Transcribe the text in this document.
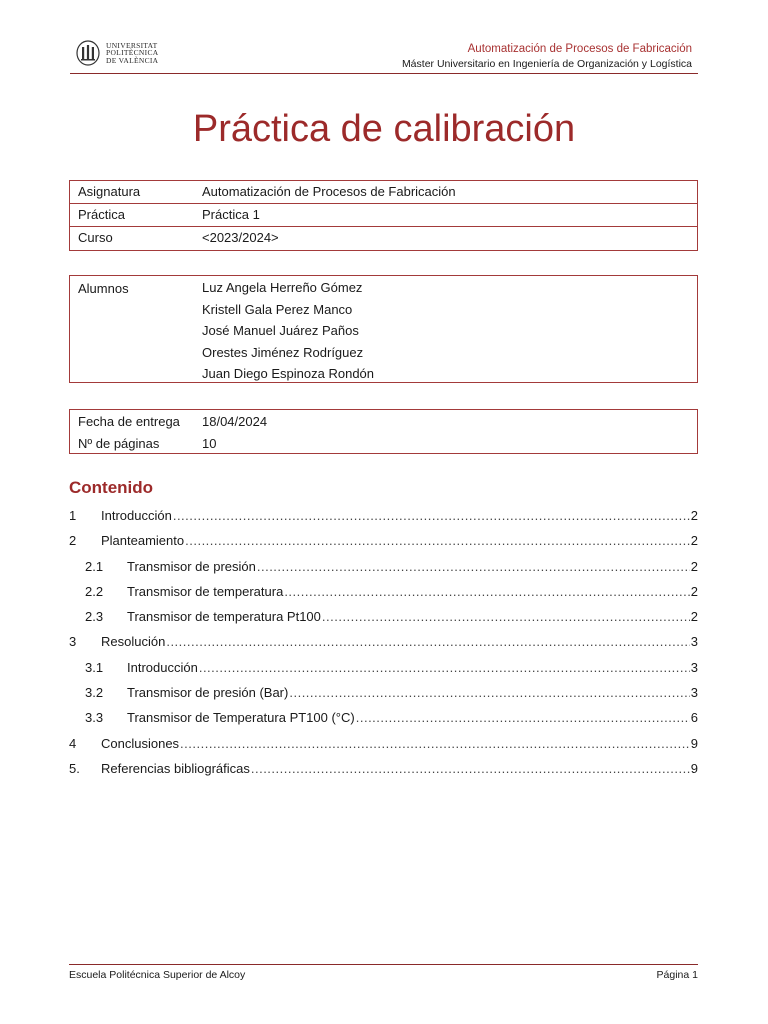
UNIVERSITAT
POLITÈCNICA
DE VALÈNCIA
Automatización de Procesos de Fabricación
Máster Universitario en Ingeniería de Organización y Logística
Práctica de calibración
Asignatura	Automatización de Procesos de Fabricación
Práctica	Práctica 1
Curso	<2023/2024>
Alumnos	Luz Angela Herreño Gómez
Kristell Gala Perez Manco
José Manuel Juárez Paños
Orestes Jiménez Rodríguez
Juan Diego Espinoza Rondón
Fecha de entrega	18/04/2024
Nº de páginas	10
Contenido
1	Introducción .....	2
2	Planteamiento .....	2
2.1	Transmisor de presión .....	2
2.2	Transmisor de temperatura .....	2
2.3	Transmisor de temperatura Pt100 .....	2
3	Resolución .....	3
3.1	Introducción .....	3
3.2	Transmisor de presión (Bar) .....	3
3.3	Transmisor de Temperatura PT100 (°C) .....	6
4	Conclusiones .....	9
5.	Referencias bibliográficas .....	9
Escuela Politécnica Superior de Alcoy	Página 1
